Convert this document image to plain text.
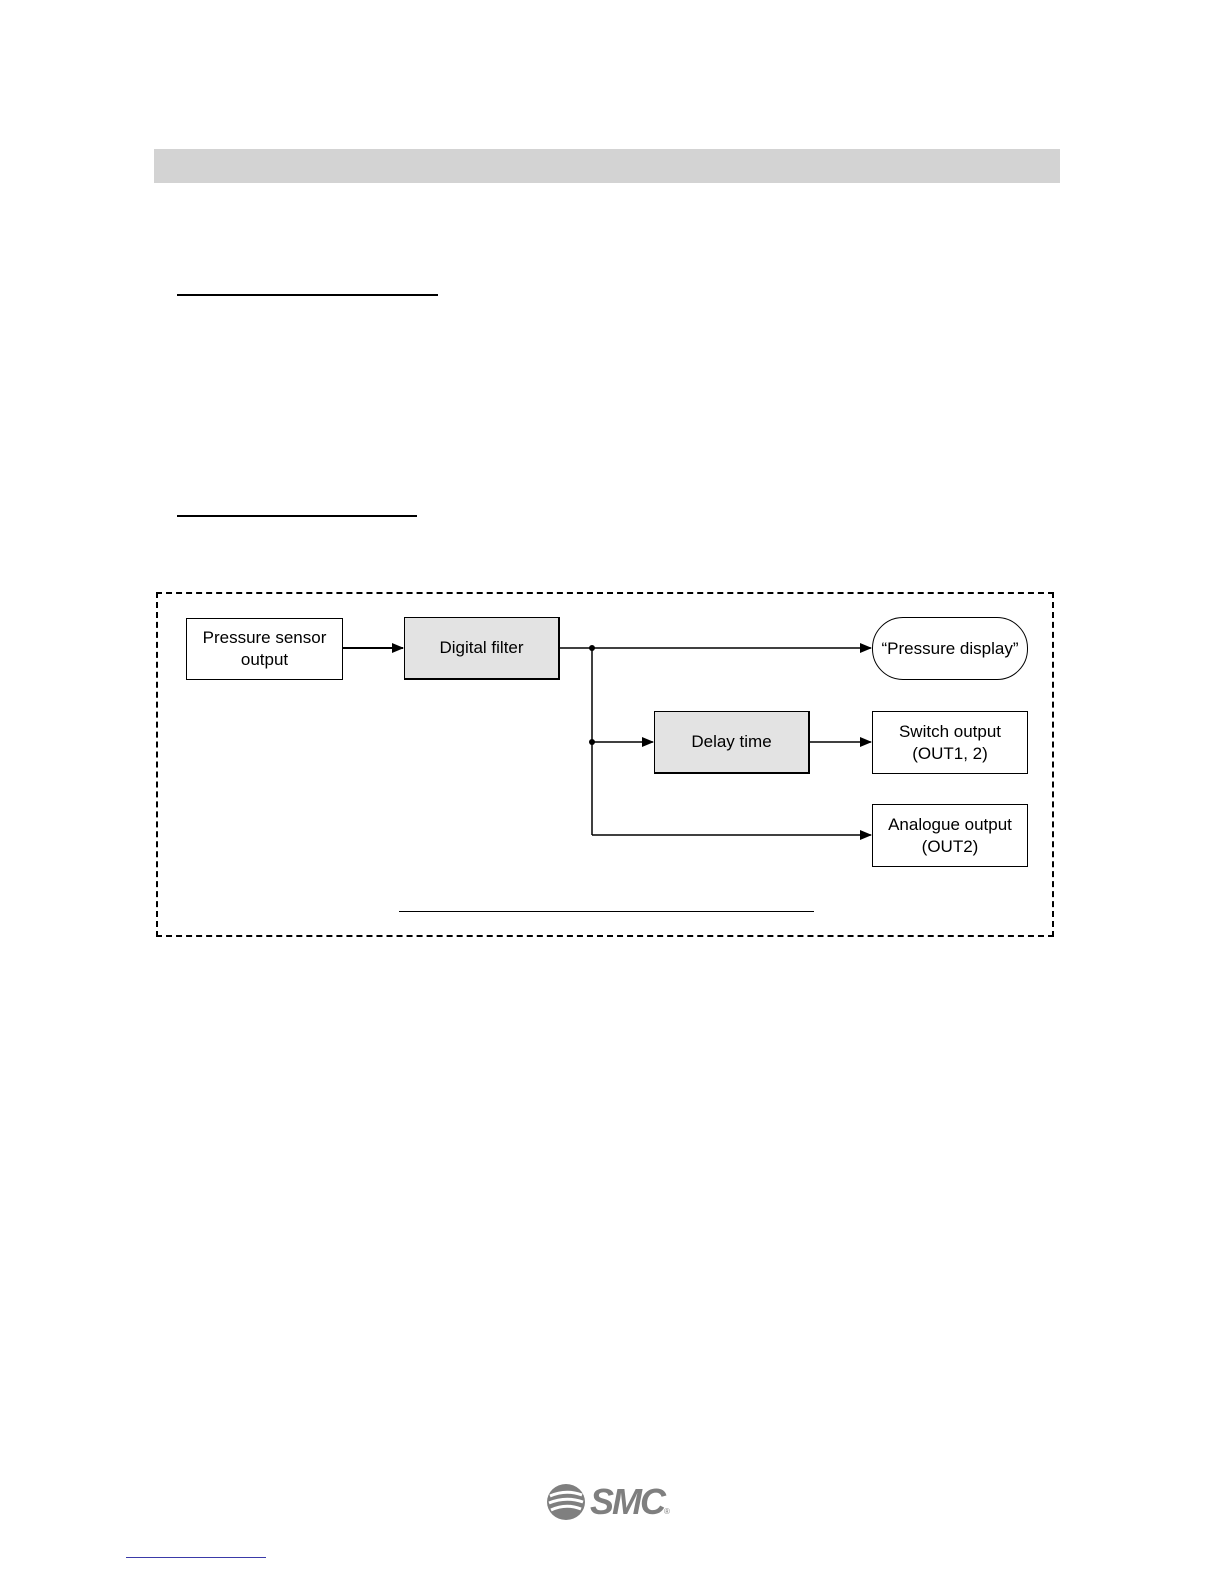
Pressure sensor
output
Digital filter	“Pressure display”
Delay time
Switch output
(OUT1, 2)
Analogue output
(OUT2)
SMC ®
